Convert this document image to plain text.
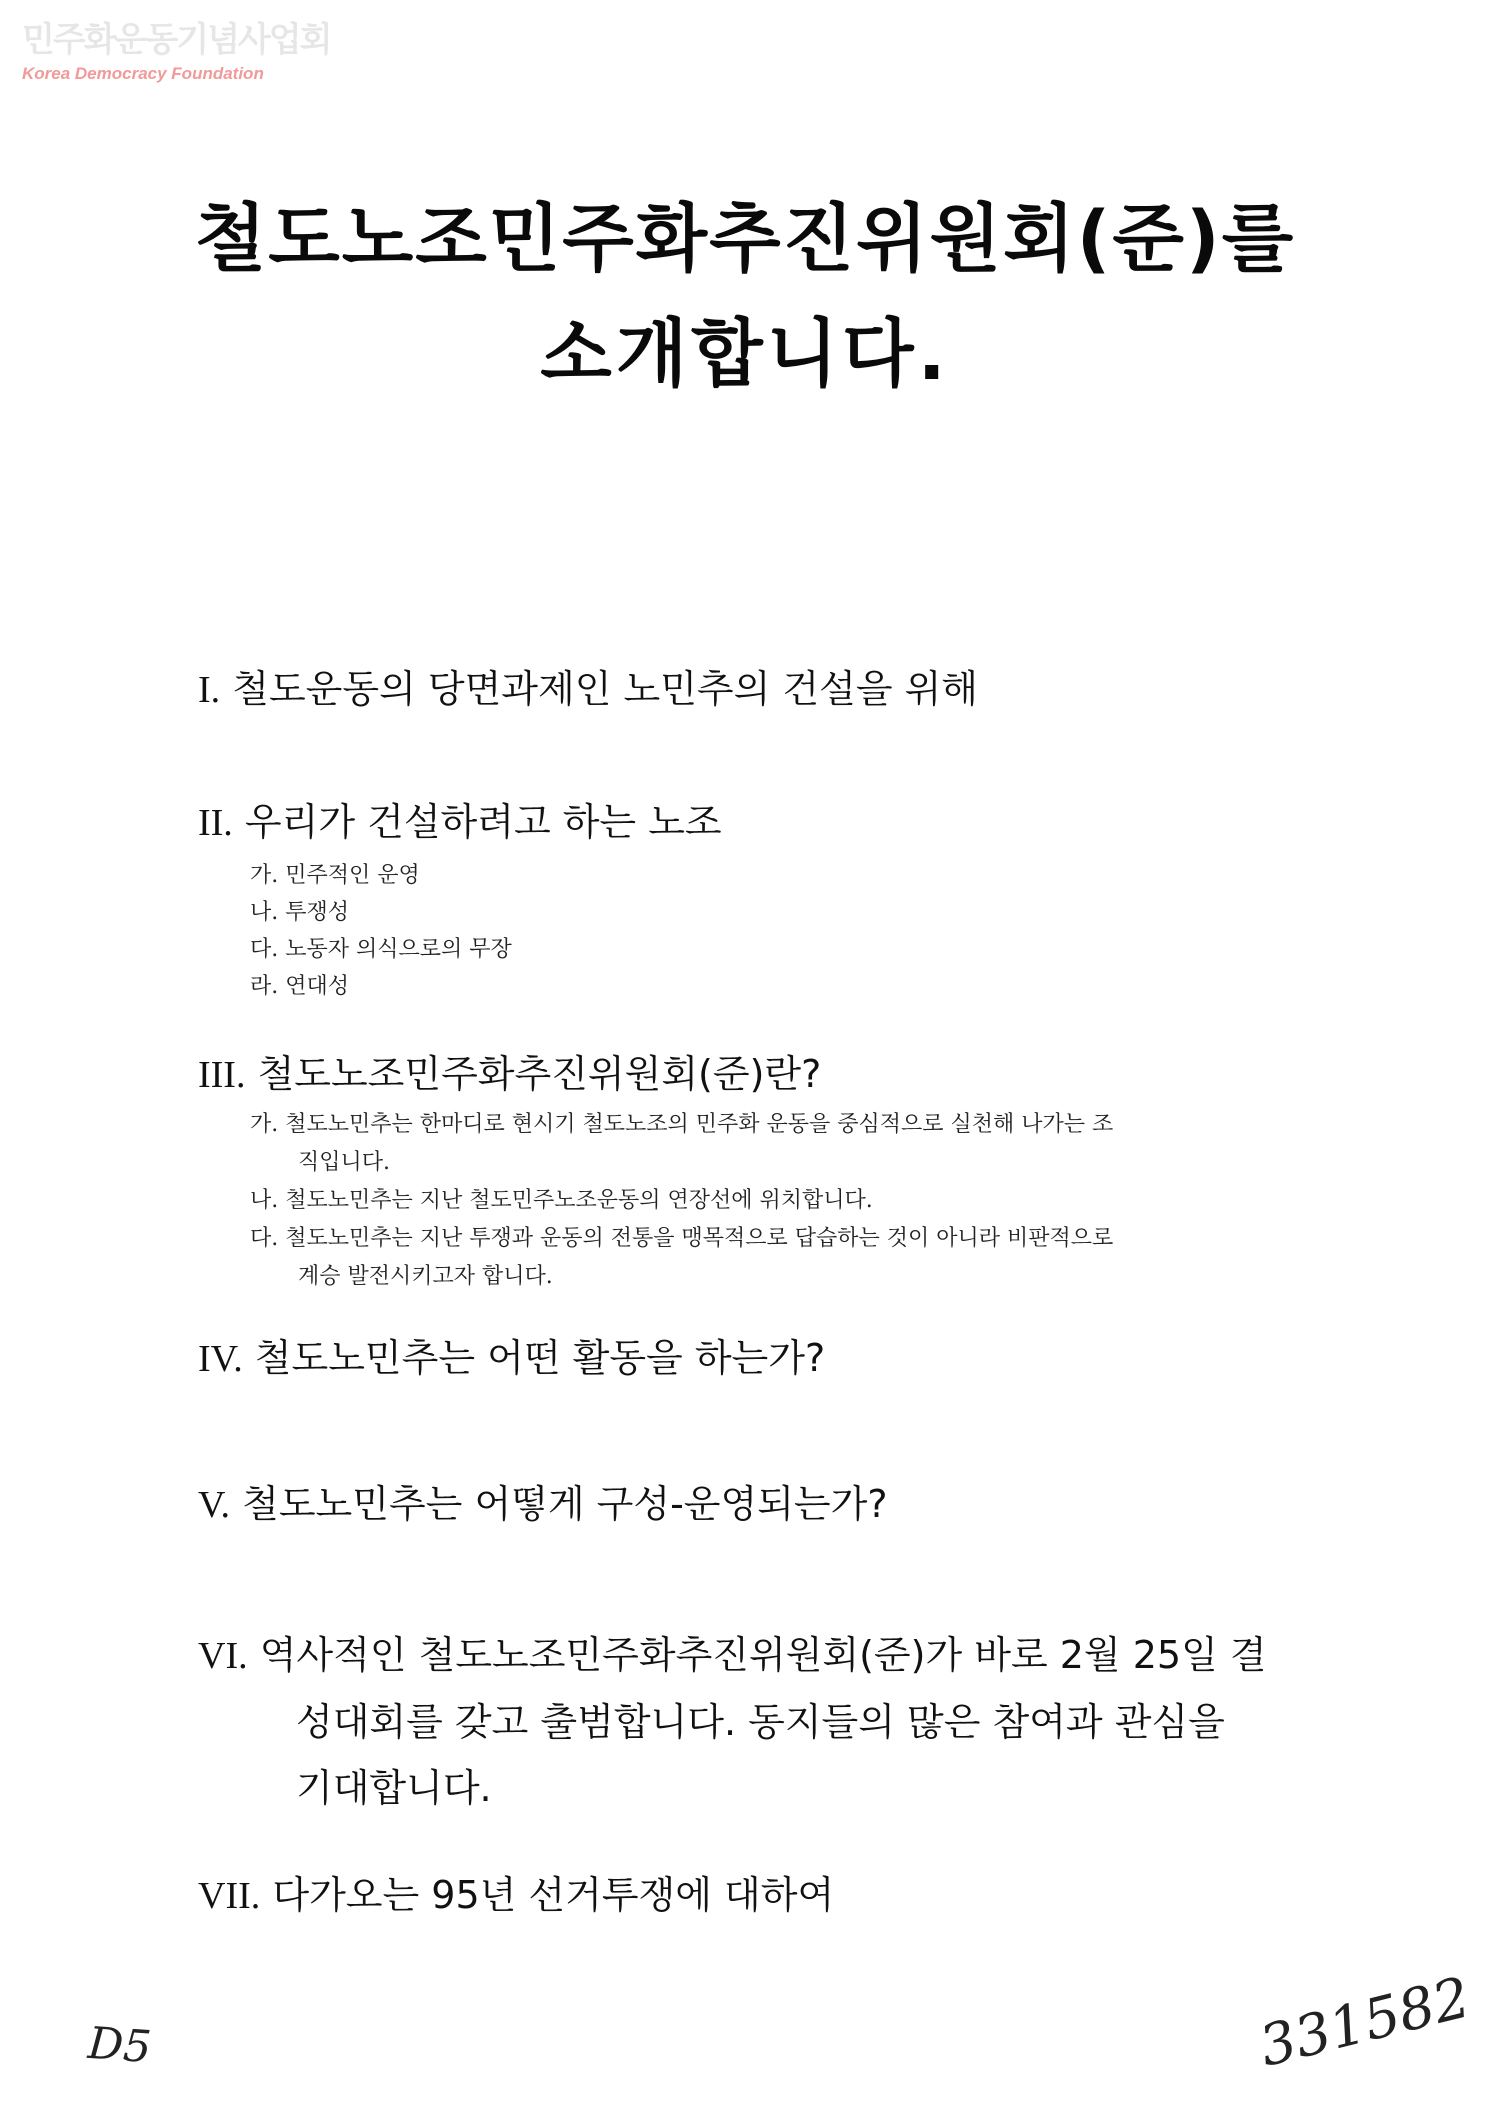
민주화운동기념사업회
Korea Democracy Foundation
철도노조민주화추진위원회(준)를
소개합니다.
I. 철도운동의 당면과제인 노민추의 건설을 위해
II. 우리가 건설하려고 하는 노조
가. 민주적인 운영
나. 투쟁성
다. 노동자 의식으로의 무장
라. 연대성
III. 철도노조민주화추진위원회(준)란?
가. 철도노민추는 한마디로 현시기 철도노조의 민주화 운동을 중심적으로 실천해 나가는 조
직입니다.
나. 철도노민추는 지난 철도민주노조운동의 연장선에 위치합니다.
다. 철도노민추는 지난 투쟁과 운동의 전통을 맹목적으로 답습하는 것이 아니라 비판적으로
계승 발전시키고자 합니다.
IV. 철도노민추는 어떤 활동을 하는가?
V. 철도노민추는 어떻게 구성-운영되는가?
VI. 역사적인 철도노조민주화추진위원회(준)가 바로 2월 25일 결
성대회를 갖고 출범합니다. 동지들의 많은 참여과 관심을
기대합니다.
VII. 다가오는 95년 선거투쟁에 대하여
D5	331582
